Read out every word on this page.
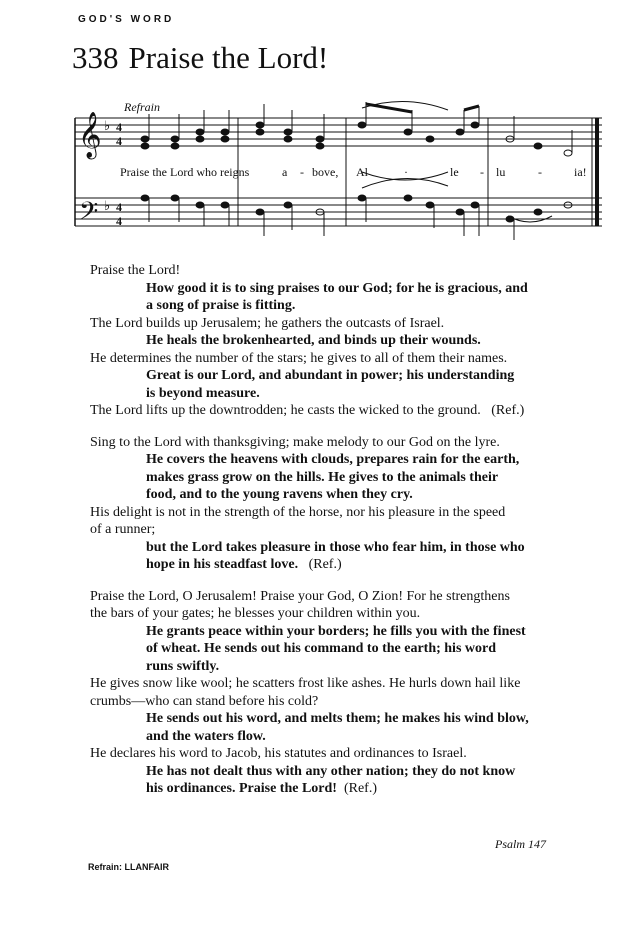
GOD'S WORD
338 Praise the Lord!
Refrain
𝄞
𝄢
♭
♭
4
4
4
4
Praise the Lord who reigns	a - bove, Al	·	le - lu	-	ia!

Praise the Lord!

How good it is to sing praises to our God; for he is gracious, and

a song of praise is fitting.

The Lord builds up Jerusalem; he gathers the outcasts of Israel.

He heals the brokenhearted, and binds up their wounds.

He determines the number of the stars; he gives to all of them their names.

Great is our Lord, and abundant in power; his understanding

is beyond measure.

The Lord lifts up the downtrodden; he casts the wicked to the ground. (Ref.)

Sing to the Lord with thanksgiving; make melody to our God on the lyre.

He covers the heavens with clouds, prepares rain for the earth,

makes grass grow on the hills. He gives to the animals their

food, and to the young ravens when they cry.

His delight is not in the strength of the horse, nor his pleasure in the speed

of a runner;

but the Lord takes pleasure in those who fear him, in those who

hope in his steadfast love. (Ref.)

Praise the Lord, O Jerusalem! Praise your God, O Zion! For he strengthens

the bars of your gates; he blesses your children within you.

He grants peace within your borders; he fills you with the finest

of wheat. He sends out his command to the earth; his word

runs swiftly.

He gives snow like wool; he scatters frost like ashes. He hurls down hail like

crumbs—who can stand before his cold?

He sends out his word, and melts them; he makes his wind blow,

and the waters flow.

He declares his word to Jacob, his statutes and ordinances to Israel.

He has not dealt thus with any other nation; they do not know

his ordinances. Praise the Lord! (Ref.)

Psalm 147
Refrain: LLANFAIR
